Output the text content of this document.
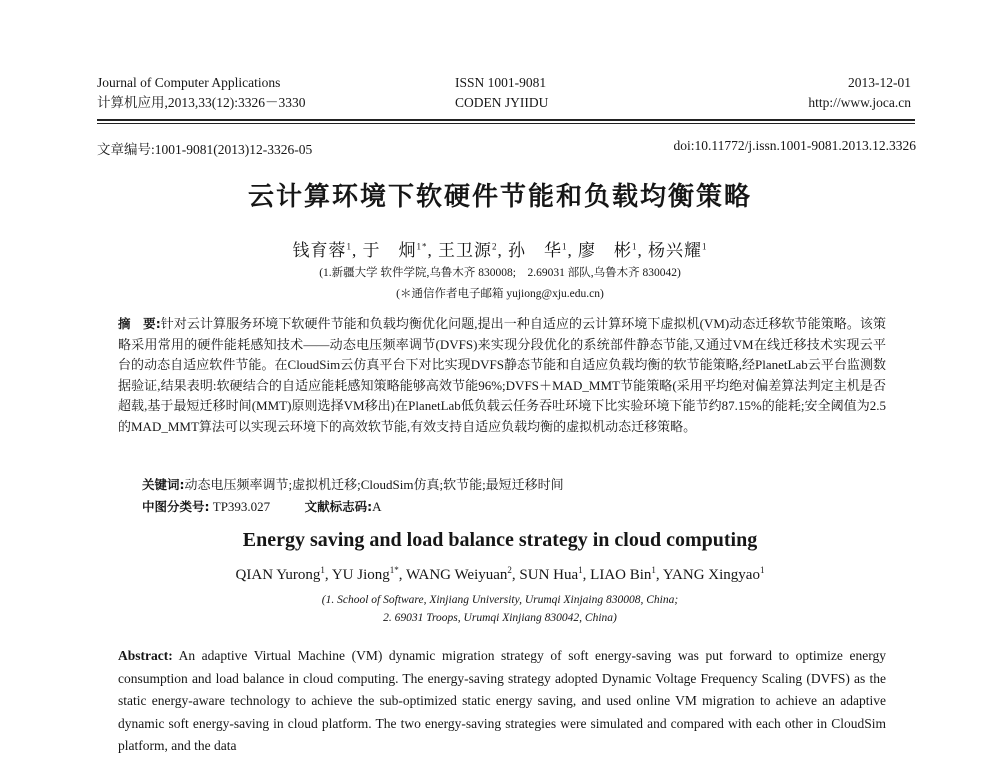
Journal of Computer Applications
计算机应用,2013,33(12):3326－3330
ISSN 1001-9081
CODEN JYIIDU
2013-12-01
http://www.joca.cn
文章编号:1001-9081(2013)12-3326-05	doi:10.11772/j.issn.1001-9081.2013.12.3326
云计算环境下软硬件节能和负载均衡策略
钱育蓉$^1$, 于　炯$^{1*}$, 王卫源$^2$, 孙　华$^1$, 廖　彬$^1$, 杨兴耀$^1$
(1.新疆大学 软件学院,乌鲁木齐 830008;　2.69031 部队,乌鲁木齐 830042)
(＊通信作者电子邮箱 yujiong@xju.edu.cn)
摘　要:针对云计算服务环境下软硬件节能和负载均衡优化问题,提出一种自适应的云计算环境下虚拟机(VM)动态迁移软节能策略。该策略采用常用的硬件能耗感知技术——动态电压频率调节(DVFS)来实现分段优化的系统部件静态节能,又通过VM在线迁移技术实现云平台的动态自适应软件节能。在CloudSim云仿真平台下对比实现DVFS静态节能和自适应负载均衡的软节能策略,经PlanetLab云平台监测数据验证,结果表明:软硬结合的自适应能耗感知策略能够高效节能96%;DVFS＋MAD_MMT节能策略(采用平均绝对偏差算法判定主机是否超载,基于最短迁移时间(MMT)原则选择VM移出)在PlanetLab低负载云任务吞吐环境下比实验环境下能节约87.15%的能耗;安全阈值为2.5的MAD_MMT算法可以实现云环境下的高效软节能,有效支持自适应负载均衡的虚拟机动态迁移策略。
关键词:动态电压频率调节;虚拟机迁移;CloudSim仿真;软节能;最短迁移时间
中图分类号: TP393.027	文献标志码:A
Energy saving and load balance strategy in cloud computing
QIAN Yurong$^1$, YU Jiong$^{1*}$, WANG Weiyuan$^2$, SUN Hua$^1$, LIAO Bin$^1$, YANG Xingyao$^1$
(1. School of Software, Xinjiang University, Urumqi Xinjaing 830008, China;
2. 69031 Troops, Urumqi Xinjiang 830042, China)
Abstract: An adaptive Virtual Machine (VM) dynamic migration strategy of soft energy-saving was put forward to optimize energy consumption and load balance in cloud computing. The energy-saving strategy adopted Dynamic Voltage Frequency Scaling (DVFS) as the static energy-aware technology to achieve the sub-optimized static energy saving, and used online VM migration to achieve an adaptive dynamic soft energy-saving in cloud platform. The two energy-saving strategies were simulated and compared with each other in CloudSim platform, and the data
